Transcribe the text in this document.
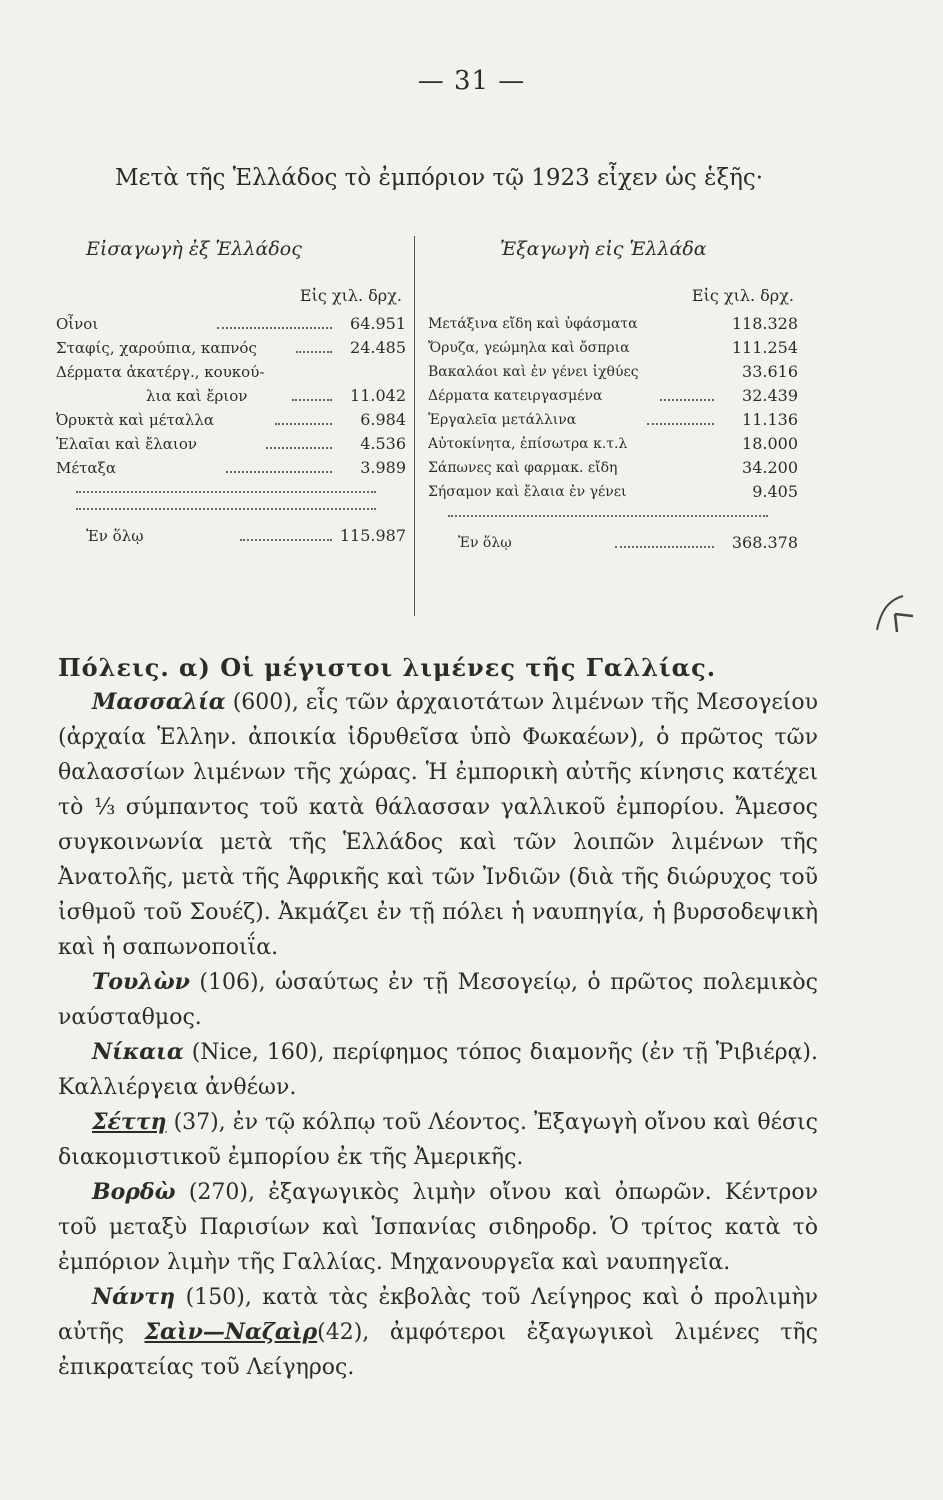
— 31 —
Μετὰ τῆς Ἑλλάδος τὸ ἐμπόριον τῷ 1923 εἶχεν ὡς ἑξῆς·
Εἰσαγωγὴ ἐξ Ἑλλάδος
Εἰς χιλ. δρχ.
Οἶνοι	64.951
Σταφίς, χαρούπια, καπνός	24.485
Δέρματα ἀκατέργ., κουκού-
λια καὶ ἔριον	11.042
Ὀρυκτὰ καὶ μέταλλα	6.984
Ἐλαῖαι καὶ ἔλαιον	4.536
Μέταξα	3.989
Ἐν ὅλῳ	115.987
Ἐξαγωγὴ εἰς Ἑλλάδα
Εἰς χιλ. δρχ.
Μετάξινα εἴδη καὶ ὑφάσματα	118.328
Ὄρυζα, γεώμηλα καὶ ὄσπρια	111.254
Βακαλάοι καὶ ἐν γένει ἰχθύες	33.616
Δέρματα κατειργασμένα	32.439
Ἐργαλεῖα μετάλλινα	11.136
Αὐτοκίνητα, ἐπίσωτρα κ.τ.λ	18.000
Σάπωνες καὶ φαρμακ. εἴδη	34.200
Σήσαμον καὶ ἔλαια ἐν γένει	9.405
Ἐν ὅλῳ	368.378

Πόλεις. α) Οἱ μέγιστοι λιμένες τῆς Γαλλίας.

Μασσαλία (600), εἷς τῶν ἀρχαιοτάτων λιμένων τῆς Μεσογείου (ἀρχαία Ἑλλην. ἀποικία ἱδρυθεῖσα ὑπὸ Φωκαέων), ὁ πρῶτος τῶν θαλασσίων λιμένων τῆς χώρας. Ἡ ἐμπορικὴ αὐτῆς κίνησις κατέχει τὸ ⅓ σύμπαντος τοῦ κατὰ θάλασσαν γαλλικοῦ ἐμπορίου. Ἄμεσος συγκοινωνία μετὰ τῆς Ἑλλάδος καὶ τῶν λοιπῶν λιμένων τῆς Ἀνατολῆς, μετὰ τῆς Ἀφρικῆς καὶ τῶν Ἰνδιῶν (διὰ τῆς διώρυχος τοῦ ἰσθμοῦ τοῦ Σουέζ). Ἀκμάζει ἐν τῇ πόλει ἡ ναυπηγία, ἡ βυρσοδεψικὴ καὶ ἡ σαπωνοποιΐα.

Τουλὼν (106), ὡσαύτως ἐν τῇ Μεσογείῳ, ὁ πρῶτος πολεμικὸς ναύσταθμος.

Νίκαια (Nice, 160), περίφημος τόπος διαμονῆς (ἐν τῇ Ῥιβιέρᾳ). Καλλιέργεια ἀνθέων.

Σέττη (37), ἐν τῷ κόλπῳ τοῦ Λέοντος. Ἐξαγωγὴ οἴνου καὶ θέσις διακομιστικοῦ ἐμπορίου ἐκ τῆς Ἀμερικῆς.

Βορδὼ (270), ἐξαγωγικὸς λιμὴν οἴνου καὶ ὀπωρῶν. Κέντρον τοῦ μεταξὺ Παρισίων καὶ Ἱσπανίας σιδηροδρ. Ὁ τρίτος κατὰ τὸ ἐμπόριον λιμὴν τῆς Γαλλίας. Μηχανουργεῖα καὶ ναυπηγεῖα.

Νάντη (150), κατὰ τὰς ἐκβολὰς τοῦ Λείγηρος καὶ ὁ προλιμὴν αὐτῆς Σαὶν—Ναζαὶρ(42), ἀμφότεροι ἐξαγωγικοὶ λιμένες τῆς ἐπικρατείας τοῦ Λείγηρος.
